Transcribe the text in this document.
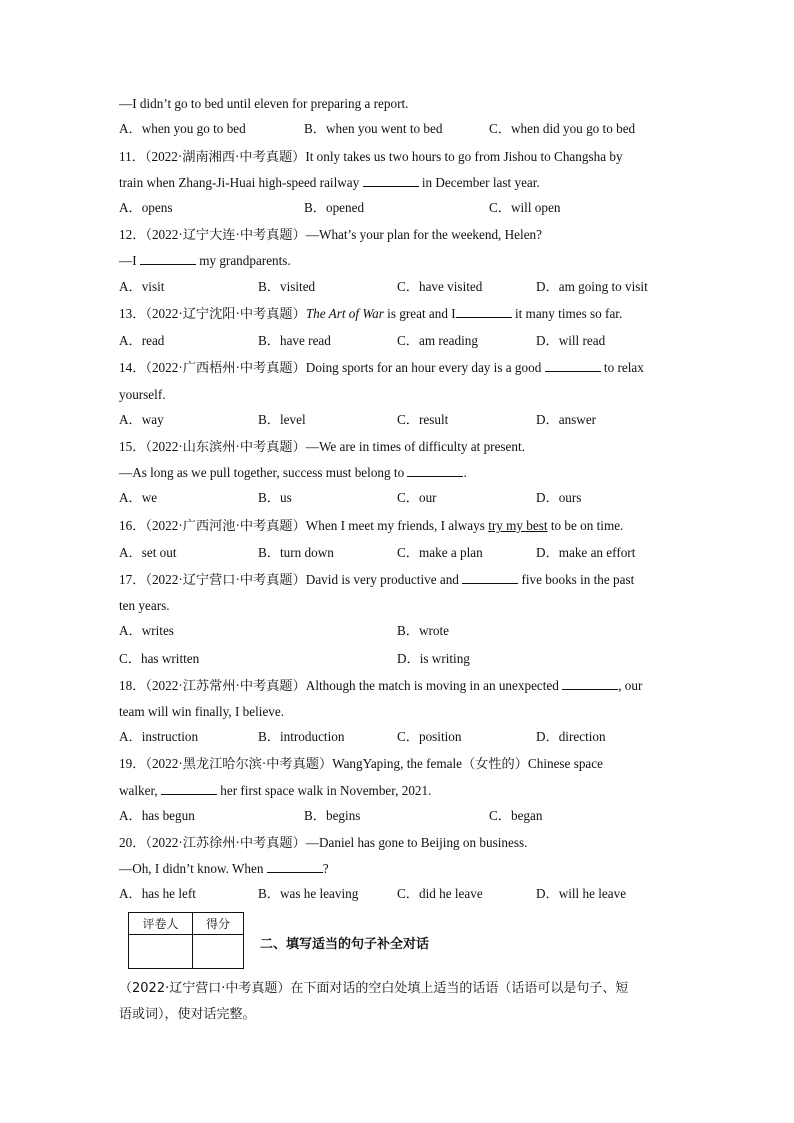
—I didn’t go to bed until eleven for preparing a report.
A．when you go to bed	B．when you went to bed	C．when did you go to bed
11．（2022·湖南湘西·中考真题）It only takes us two hours to go from Jishou to Changsha by
train when Zhang-Ji-Huai high-speed railway	in December last year.
A．opens	B．opened	C．will open
12．（2022·辽宁大连·中考真题）—What’s your plan for the weekend, Helen?
—I	my grandparents.
A．visit	B．visited	C．have visited	D．am going to visit
13．（2022·辽宁沈阳·中考真题）The Art of War is great and I	it many times so far.
A．read	B．have read	C．am reading	D．will read
14．（2022·广西梧州·中考真题）Doing sports for an hour every day is a good	to relax
yourself.
A．way	B．level	C．result	D．answer
15．（2022·山东滨州·中考真题）—We are in times of difficulty at present.
—As long as we pull together, success must belong to	.
A．we	B．us	C．our	D．ours
16．（2022·广西河池·中考真题）When I meet my friends, I always try my best to be on time.
A．set out	B．turn down	C．make a plan	D．make an effort
17．（2022·辽宁营口·中考真题）David is very productive and	five books in the past
ten years.
A．writes	B．wrote
C．has written	D．is writing
18．（2022·江苏常州·中考真题）Although the match is moving in an unexpected	, our
team will win finally, I believe.
A．instruction	B．introduction	C．position	D．direction
19．（2022·黑龙江哈尔滨·中考真题）WangYaping, the female（女性的）Chinese space
walker,	her first space walk in November, 2021.
A．has begun	B．begins	C．began
20．（2022·江苏徐州·中考真题）—Daniel has gone to Beijing on business.
—Oh, I didn’t know. When	?
A．has he left	B．was he leaving	C．did he leave	D．will he leave
评卷人	得分

二、填写适当的句子补全对话
（2022·辽宁营口·中考真题）在下面对话的空白处填上适当的话语（话语可以是句子、短
语或词），使对话完整。
